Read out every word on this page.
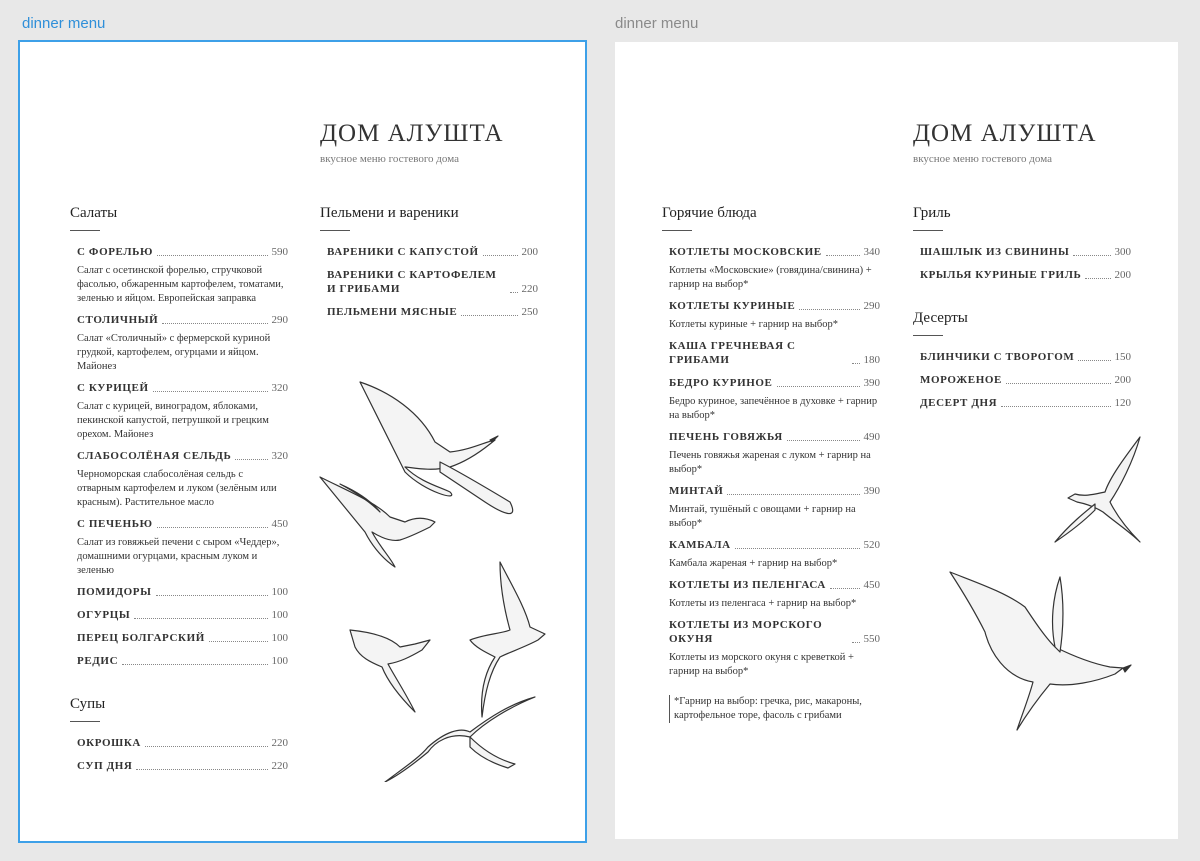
dinner menu	dinner menu
ДОМ АЛУШТА
вкусное меню гостевого дома
Салаты
С ФОРЕЛЬЮ	590
Салат с осетинской форелью, стручковой фасолью, обжаренным картофелем, томатами, зеленью и яйцом. Европейская заправка
СТОЛИЧНЫЙ	290
Салат «Столичный» с фермерской куриной грудкой, картофелем, огурцами и яйцом. Майонез
С КУРИЦЕЙ	320
Салат с курицей, виноградом, яблоками, пекинской капустой, петрушкой и грецким орехом. Майонез
СЛАБОСОЛЁНАЯ СЕЛЬДЬ	320
Черноморская слабосолёная сельдь с отварным картофелем и луком (зелёным или красным). Растительное масло
С ПЕЧЕНЬЮ	450
Салат из говяжьей печени с сыром «Чеддер», домашними огурцами, красным луком и зеленью
ПОМИДОРЫ	100
ОГУРЦЫ	100
ПЕРЕЦ БОЛГАРСКИЙ	100
РЕДИС	100
Супы
ОКРОШКА	220
СУП ДНЯ	220
Пельмени и вареники
ВАРЕНИКИ С КАПУСТОЙ	200
ВАРЕНИКИ С КАРТОФЕЛЕМ И ГРИБАМИ	220
ПЕЛЬМЕНИ МЯСНЫЕ	250
ДОМ АЛУШТА
вкусное меню гостевого дома
Горячие блюда
КОТЛЕТЫ МОСКОВСКИЕ	340
Котлеты «Московские» (говядина/свинина) + гарнир на выбор*
КОТЛЕТЫ КУРИНЫЕ	290
Котлеты куриные + гарнир на выбор*
КАША ГРЕЧНЕВАЯ С ГРИБАМИ	180
БЕДРО КУРИНОЕ	390
Бедро куриное, запечённое в духовке + гарнир на выбор*
ПЕЧЕНЬ ГОВЯЖЬЯ	490
Печень говяжья жареная с луком + гарнир на выбор*
МИНТАЙ	390
Минтай, тушёный с овощами + гарнир на выбор*
КАМБАЛА	520
Камбала жареная + гарнир на выбор*
КОТЛЕТЫ ИЗ ПЕЛЕНГАСА	450
Котлеты из пеленгаса + гарнир на выбор*
КОТЛЕТЫ ИЗ МОРСКОГО ОКУНЯ	550
Котлеты из морского окуня с креветкой + гарнир на выбор*
*Гарнир на выбор: гречка, рис, макароны, картофельное торе, фасоль с грибами
Гриль
ШАШЛЫК ИЗ СВИНИНЫ	300
КРЫЛЬЯ КУРИНЫЕ ГРИЛЬ	200
Десерты
БЛИНЧИКИ С ТВОРОГОМ	150
МОРОЖЕНОЕ	200
ДЕСЕРТ ДНЯ	120
